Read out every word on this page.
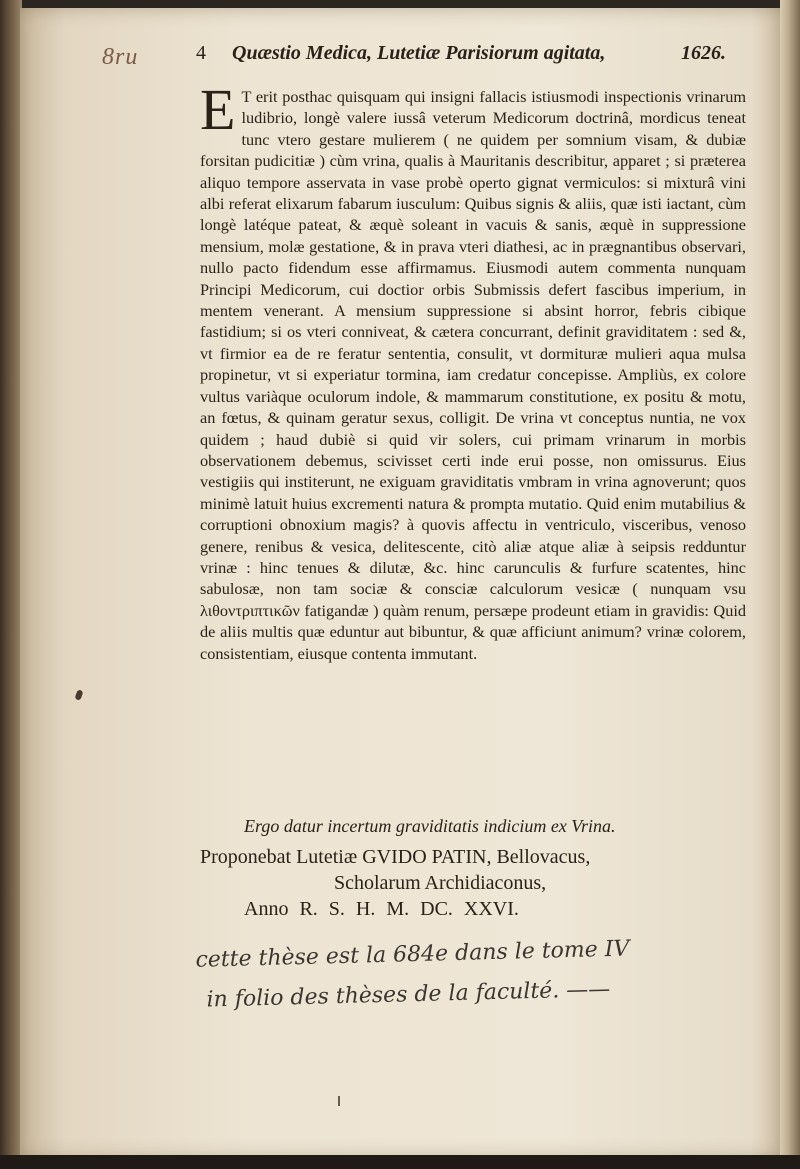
8ru	4	Quæstio Medica, Lutetiæ Parisiorum agitata,	1626.
E T erit posthac quisquam qui insigni fallacis istiusmodi inspectionis vrinarum ludibrio, longè valere iussâ veterum Medicorum doctrinâ, mordicus teneat tunc vtero gestare mulierem ( ne quidem per somnium visam, & dubiæ forsitan pudicitiæ ) cùm vrina, qualis à Mauritanis describitur, apparet ; si præterea aliquo tempore asservata in vase probè operto gignat vermiculos: si mixturâ vini albi referat elixarum fabarum iusculum: Quibus signis & aliis, quæ isti iactant, cùm longè latéque pateat, & æquè soleant in vacuis & sanis, æquè in suppressione mensium, molæ gestatione, & in prava vteri diathesi, ac in prægnantibus observari, nullo pacto fidendum esse affirmamus. Eiusmodi autem commenta nunquam Principi Medicorum, cui doctior orbis Submissis defert fascibus imperium, in mentem venerant. A mensium suppressione si absint horror, febris cibique fastidium; si os vteri conniveat, & cætera concurrant, definit graviditatem : sed &, vt firmior ea de re feratur sententia, consulit, vt dormituræ mulieri aqua mulsa propinetur, vt si experiatur tormina, iam credatur concepisse. Ampliùs, ex colore vultus variàque oculorum indole, & mammarum constitutione, ex positu & motu, an fœtus, & quinam geratur sexus, colligit. De vrina vt conceptus nuntia, ne vox quidem ; haud dubiè si quid vir solers, cui primam vrinarum in morbis observationem debemus, scivisset certi inde erui posse, non omissurus. Eius vestigiis qui institerunt, ne exiguam graviditatis vmbram in vrina agnoverunt; quos minimè latuit huius excrementi natura & prompta mutatio. Quid enim mutabilius & corruptioni obnoxium magis? à quovis affectu in ventriculo, visceribus, venoso genere, renibus & vesica, delitescente, citò aliæ atque aliæ à seipsis redduntur vrinæ : hinc tenues & dilutæ, &c. hinc carunculis & furfure scatentes, hinc sabulosæ, non tam sociæ & consciæ calculorum vesicæ ( nunquam vsu λιθοντριπτικῶν fatigandæ ) quàm renum, persæpe prodeunt etiam in gravidis: Quid de aliis multis quæ eduntur aut bibuntur, & quæ afficiunt animum? vrinæ colorem, consistentiam, eiusque contenta immutant.

Ergo datur incertum graviditatis indicium ex Vrina.
Proponebat Lutetiæ GVIDO PATIN, Bellovacus,
Scholarum Archidiaconus,
Anno R. S. H. M. DC. XXVI.
cette thèse est la 684e dans le tome IV
in folio des thèses de la faculté. ——
